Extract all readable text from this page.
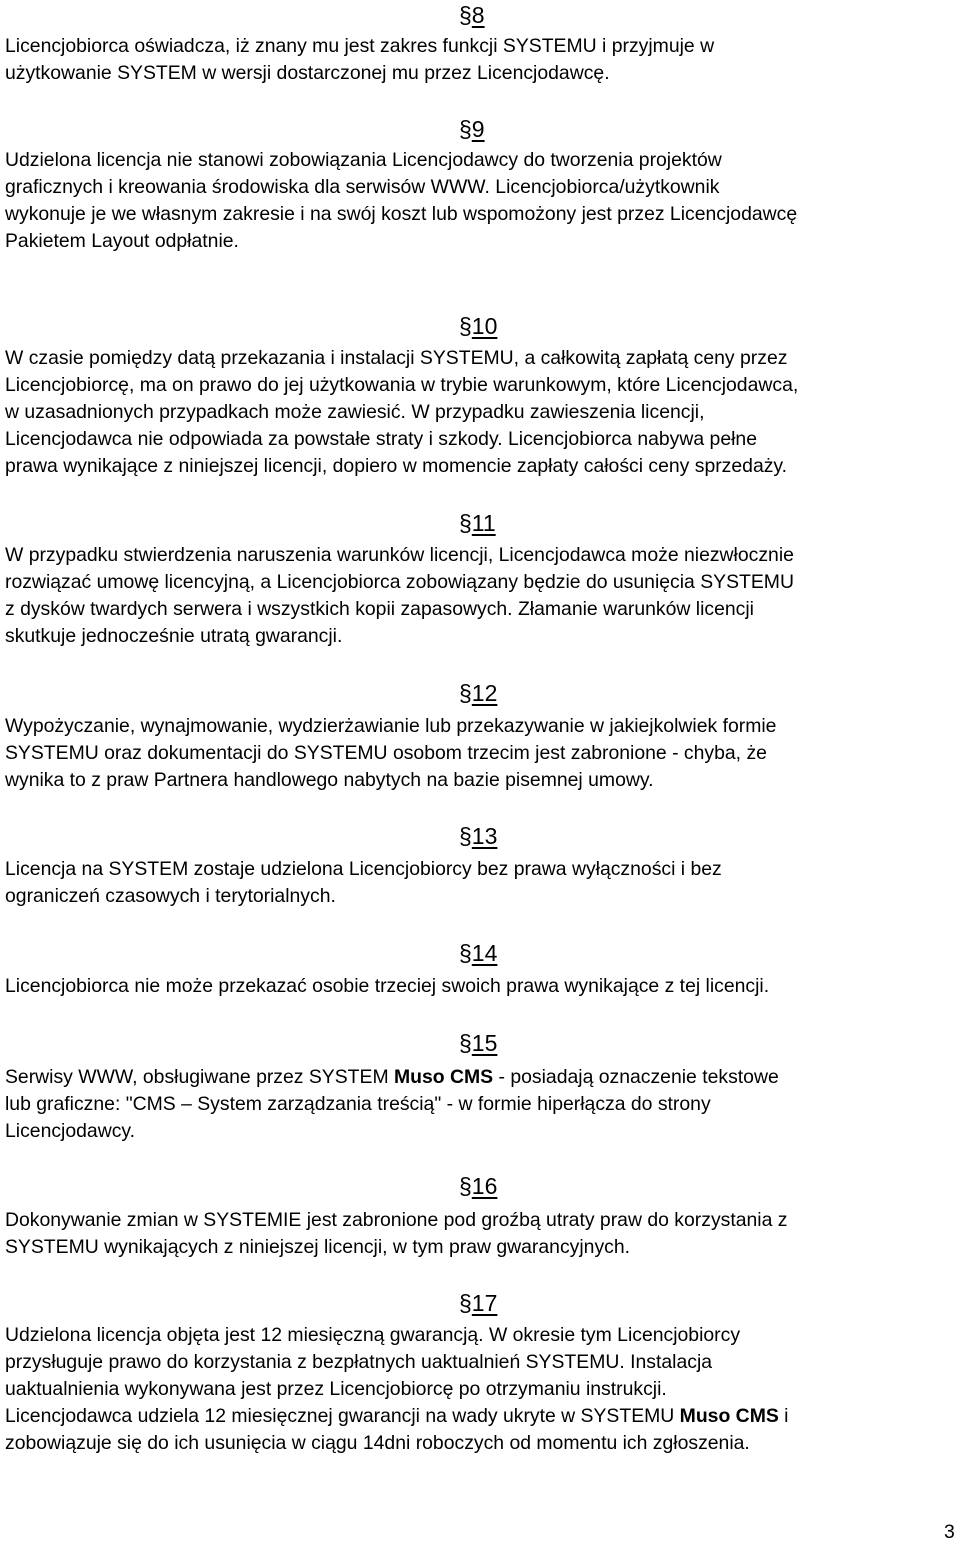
§8
Licencjobiorca oświadcza, iż znany mu jest zakres funkcji SYSTEMU i przyjmuje w
użytkowanie SYSTEM w wersji dostarczonej mu przez Licencjodawcę.
§9
Udzielona licencja nie stanowi zobowiązania Licencjodawcy do tworzenia projektów
graficznych i kreowania środowiska dla serwisów WWW. Licencjobiorca/użytkownik
wykonuje je we własnym zakresie i na swój koszt lub wspomożony jest przez Licencjodawcę
Pakietem Layout odpłatnie.
§10
W czasie pomiędzy datą przekazania i instalacji SYSTEMU, a całkowitą zapłatą ceny przez
Licencjobiorcę, ma on prawo do jej użytkowania w trybie warunkowym, które Licencjodawca,
w uzasadnionych przypadkach może zawiesić. W przypadku zawieszenia licencji,
Licencjodawca nie odpowiada za powstałe straty i szkody. Licencjobiorca nabywa pełne
prawa wynikające z niniejszej licencji, dopiero w momencie zapłaty całości ceny sprzedaży.
§11
W przypadku stwierdzenia naruszenia warunków licencji, Licencjodawca może niezwłocznie
rozwiązać umowę licencyjną, a Licencjobiorca zobowiązany będzie do usunięcia SYSTEMU
z dysków twardych serwera i wszystkich kopii zapasowych. Złamanie warunków licencji
skutkuje jednocześnie utratą gwarancji.
§12
Wypożyczanie, wynajmowanie, wydzierżawianie lub przekazywanie w jakiejkolwiek formie
SYSTEMU oraz dokumentacji do SYSTEMU osobom trzecim jest zabronione - chyba, że
wynika to z praw Partnera handlowego nabytych na bazie pisemnej umowy.
§13
Licencja na SYSTEM zostaje udzielona Licencjobiorcy bez prawa wyłączności i bez
ograniczeń czasowych i terytorialnych.
§14
Licencjobiorca nie może przekazać osobie trzeciej swoich prawa wynikające z tej licencji.
§15
Serwisy WWW, obsługiwane przez SYSTEM Muso CMS - posiadają oznaczenie tekstowe
lub graficzne: "CMS – System zarządzania treścią" - w formie hiperłącza do strony
Licencjodawcy.
§16
Dokonywanie zmian w SYSTEMIE jest zabronione pod groźbą utraty praw do korzystania z
SYSTEMU wynikających z niniejszej licencji, w tym praw gwarancyjnych.
§17
Udzielona licencja objęta jest 12 miesięczną gwarancją. W okresie tym Licencjobiorcy
przysługuje prawo do korzystania z bezpłatnych uaktualnień SYSTEMU. Instalacja
uaktualnienia wykonywana jest przez Licencjobiorcę po otrzymaniu instrukcji.
Licencjodawca udziela 12 miesięcznej gwarancji na wady ukryte w SYSTEMU Muso CMS i
zobowiązuje się do ich usunięcia w ciągu 14dni roboczych od momentu ich zgłoszenia.
3
